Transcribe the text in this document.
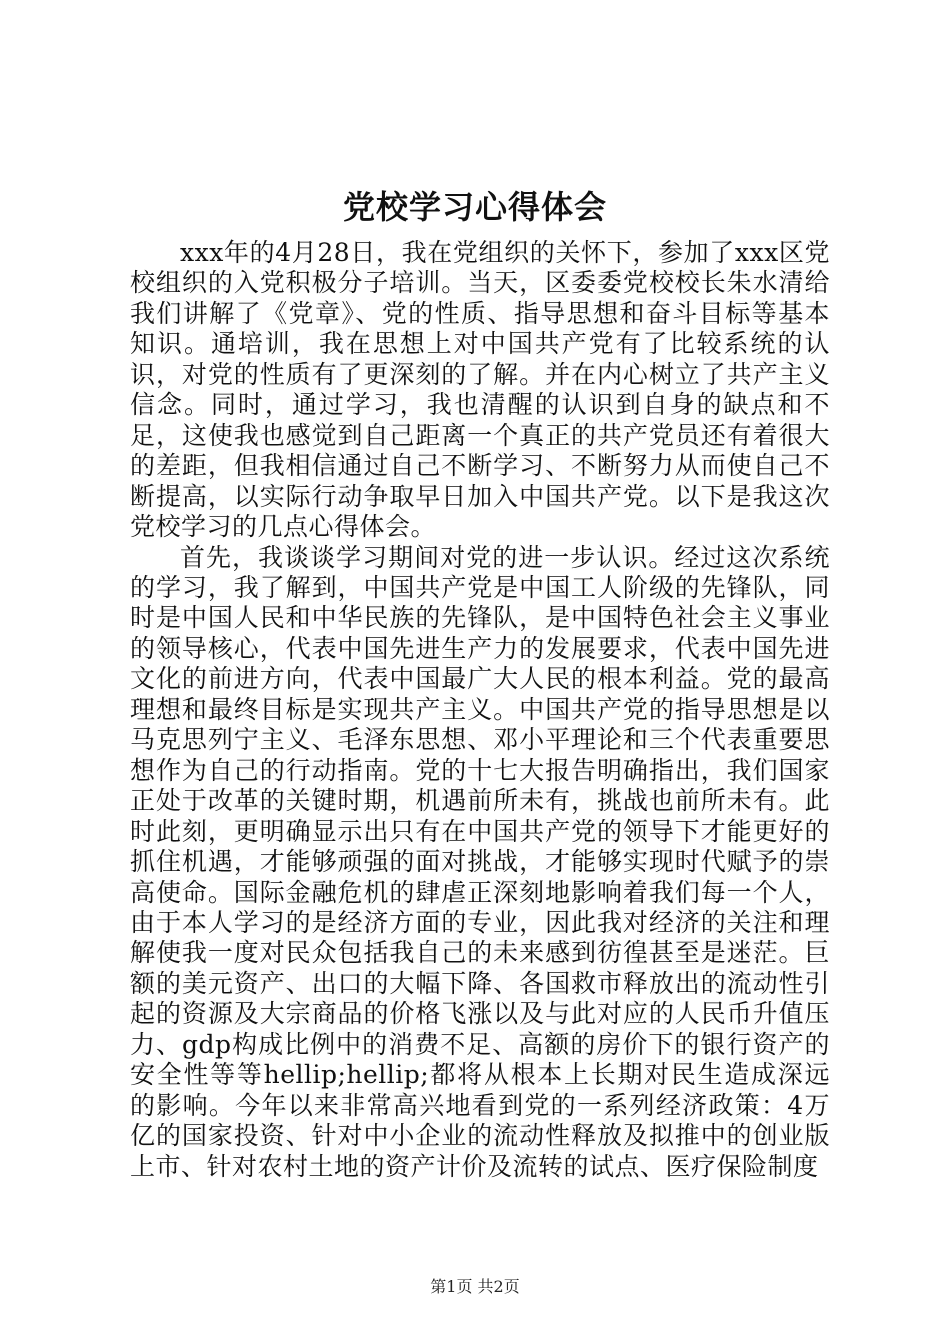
党校学习心得体会

xxx年的4月28日，我在党组织的关怀下，参加了xxx区党校组织的入党积极分子培训。当天，区委委党校校长朱水清给我们讲解了《党章》、党的性质、指导思想和奋斗目标等基本知识。通培训，我在思想上对中国共产党有了比较系统的认识，对党的性质有了更深刻的了解。并在内心树立了共产主义信念。同时，通过学习，我也清醒的认识到自身的缺点和不足，这使我也感觉到自己距离一个真正的共产党员还有着很大的差距，但我相信通过自己不断学习、不断努力从而使自己不断提高，以实际行动争取早日加入中国共产党。以下是我这次党校学习的几点心得体会。

首先，我谈谈学习期间对党的进一步认识。经过这次系统的学习，我了解到，中国共产党是中国工人阶级的先锋队，同时是中国人民和中华民族的先锋队，是中国特色社会主义事业的领导核心，代表中国先进生产力的发展要求，代表中国先进文化的前进方向，代表中国最广大人民的根本利益。党的最高理想和最终目标是实现共产主义。中国共产党的指导思想是以马克思列宁主义、毛泽东思想、邓小平理论和三个代表重要思想作为自己的行动指南。党的十七大报告明确指出，我们国家正处于改革的关键时期，机遇前所未有，挑战也前所未有。此时此刻，更明确显示出只有在中国共产党的领导下才能更好的抓住机遇，才能够顽强的面对挑战，才能够实现时代赋予的崇高使命。国际金融危机的肆虐正深刻地影响着我们每一个人，由于本人学习的是经济方面的专业，因此我对经济的关注和理解使我一度对民众包括我自己的未来感到彷徨甚至是迷茫。巨额的美元资产、出口的大幅下降、各国救市释放出的流动性引起的资源及大宗商品的价格飞涨以及与此对应的人民币升值压力、gdp构成比例中的消费不足、高额的房价下的银行资产的安全性等等hellip;hellip;都将从根本上长期对民生造成深远的影响。今年以来非常高兴地看到党的一系列经济政策：4万亿的国家投资、针对中小企业的流动性释放及拟推中的创业版上市、针对农村土地的资产计价及流转的试点、医疗保险制度

第1页 共2页
